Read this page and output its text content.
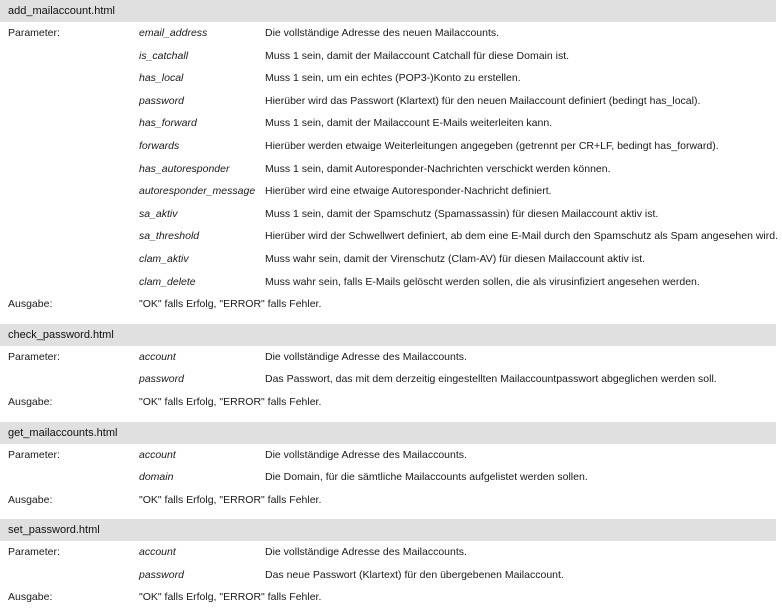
add_mailaccount.html
Parameter:	email_address	Die vollständige Adresse des neuen Mailaccounts.
is_catchall	Muss 1 sein, damit der Mailaccount Catchall für diese Domain ist.
has_local	Muss 1 sein, um ein echtes (POP3-)Konto zu erstellen.
password	Hierüber wird das Passwort (Klartext) für den neuen Mailaccount definiert (bedingt has_local).
has_forward	Muss 1 sein, damit der Mailaccount E-Mails weiterleiten kann.
forwards	Hierüber werden etwaige Weiterleitungen angegeben (getrennt per CR+LF, bedingt has_forward).
has_autoresponder	Muss 1 sein, damit Autoresponder-Nachrichten verschickt werden können.
autoresponder_message Hierüber wird eine etwaige Autoresponder-Nachricht definiert.
sa_aktiv	Muss 1 sein, damit der Spamschutz (Spamassassin) für diesen Mailaccount aktiv ist.
sa_threshold	Hierüber wird der Schwellwert definiert, ab dem eine E-Mail durch den Spamschutz als Spam angesehen wird.
clam_aktiv	Muss wahr sein, damit der Virenschutz (Clam-AV) für diesen Mailaccount aktiv ist.
clam_delete	Muss wahr sein, falls E-Mails gelöscht werden sollen, die als virusinfiziert angesehen werden.
Ausgabe:	"OK" falls Erfolg, "ERROR" falls Fehler.
check_password.html
Parameter:	account	Die vollständige Adresse des Mailaccounts.
password	Das Passwort, das mit dem derzeitig eingestellten Mailaccountpasswort abgeglichen werden soll.
Ausgabe:	"OK" falls Erfolg, "ERROR" falls Fehler.
get_mailaccounts.html
Parameter:	account	Die vollständige Adresse des Mailaccounts.
domain	Die Domain, für die sämtliche Mailaccounts aufgelistet werden sollen.
Ausgabe:	"OK" falls Erfolg, "ERROR" falls Fehler.
set_password.html
Parameter:	account	Die vollständige Adresse des Mailaccounts.
password	Das neue Passwort (Klartext) für den übergebenen Mailaccount.
Ausgabe:	"OK" falls Erfolg, "ERROR" falls Fehler.
